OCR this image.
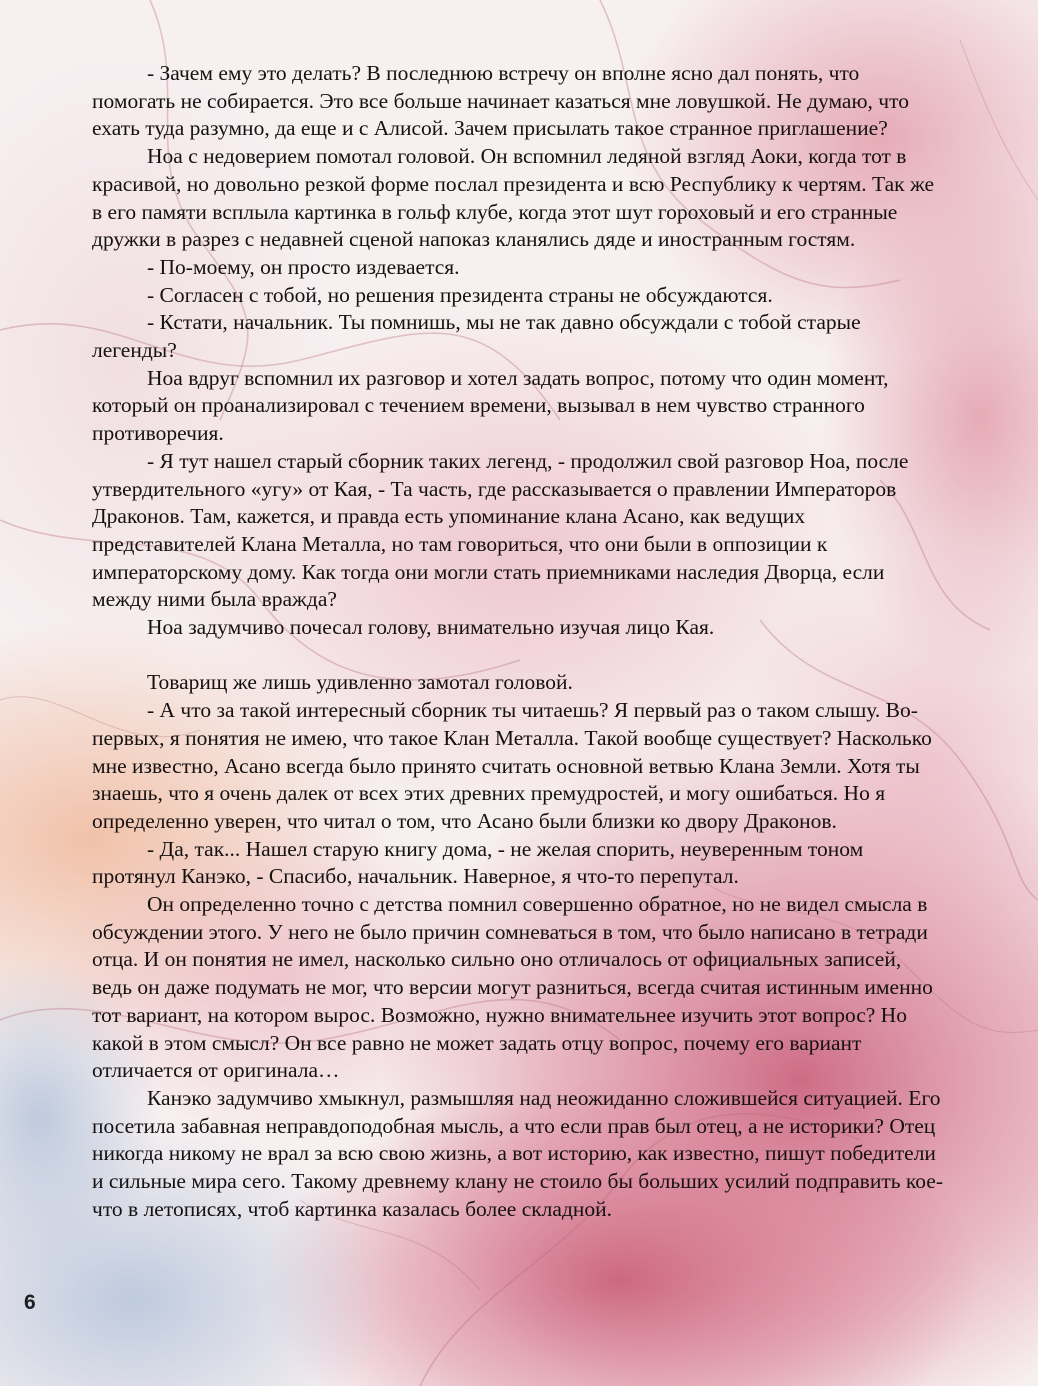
- Зачем ему это делать? В последнюю встречу он вполне ясно дал понять, что помогать не собирается. Это все больше начинает казаться мне ловушкой. Не думаю, что ехать туда разумно, да еще и с Алисой. Зачем присылать такое странное приглашение?

Ноа с недоверием помотал головой. Он вспомнил ледяной взгляд Аоки, когда тот в красивой, но довольно резкой форме послал президента и всю Республику к чертям. Так же в его памяти всплыла картинка в гольф клубе, когда этот шут гороховый и его странные дружки в разрез с недавней сценой напоказ кланялись дяде и иностранным гостям.

- По-моему, он просто издевается.

- Согласен с тобой, но решения президента страны не обсуждаются.

- Кстати, начальник. Ты помнишь, мы не так давно обсуждали с тобой старые легенды?

Ноа вдруг вспомнил их разговор и хотел задать вопрос, потому что один момент, который он проанализировал с течением времени, вызывал в нем чувство странного противоречия.

- Я тут нашел старый сборник таких легенд, - продолжил свой разговор Ноа, после утвердительного «угу» от Кая, - Та часть, где рассказывается о правлении Императоров Драконов. Там, кажется, и правда есть упоминание клана Асано, как ведущих представителей Клана Металла, но там говориться, что они были в оппозиции к императорскому дому. Как тогда они могли стать приемниками наследия Дворца, если между ними была вражда?

Ноа задумчиво почесал голову, внимательно изучая лицо Кая.

Товарищ же лишь удивленно замотал головой.

- А что за такой интересный сборник ты читаешь? Я первый раз о таком слышу. Во-первых, я понятия не имею, что такое Клан Металла. Такой вообще существует? Насколько мне известно, Асано всегда было принято считать основной ветвью Клана Земли. Хотя ты знаешь, что я очень далек от всех этих древних премудростей, и могу ошибаться. Но я определенно уверен, что читал о том, что Асано были близки ко двору Драконов.

- Да, так... Нашел старую книгу дома, - не желая спорить, неуверенным тоном протянул Канэко, - Спасибо, начальник. Наверное, я что-то перепутал.

Он определенно точно с детства помнил совершенно обратное, но не видел смысла в обсуждении этого. У него не было причин сомневаться в том, что было написано в тетради отца. И он понятия не имел, насколько сильно оно отличалось от официальных записей, ведь он даже подумать не мог, что версии могут разниться, всегда считая истинным именно тот вариант, на котором вырос. Возможно, нужно внимательнее изучить этот вопрос? Но какой в этом смысл? Он все равно не может задать отцу вопрос, почему его вариант отличается от оригинала…

Канэко задумчиво хмыкнул, размышляя над неожиданно сложившейся ситуацией. Его посетила забавная неправдоподобная мысль, а что если прав был отец, а не историки? Отец никогда никому не врал за всю свою жизнь, а вот историю, как известно, пишут победители и сильные мира сего. Такому древнему клану не стоило бы больших усилий подправить кое-что в летописях, чтоб картинка казалась более складной.

6
